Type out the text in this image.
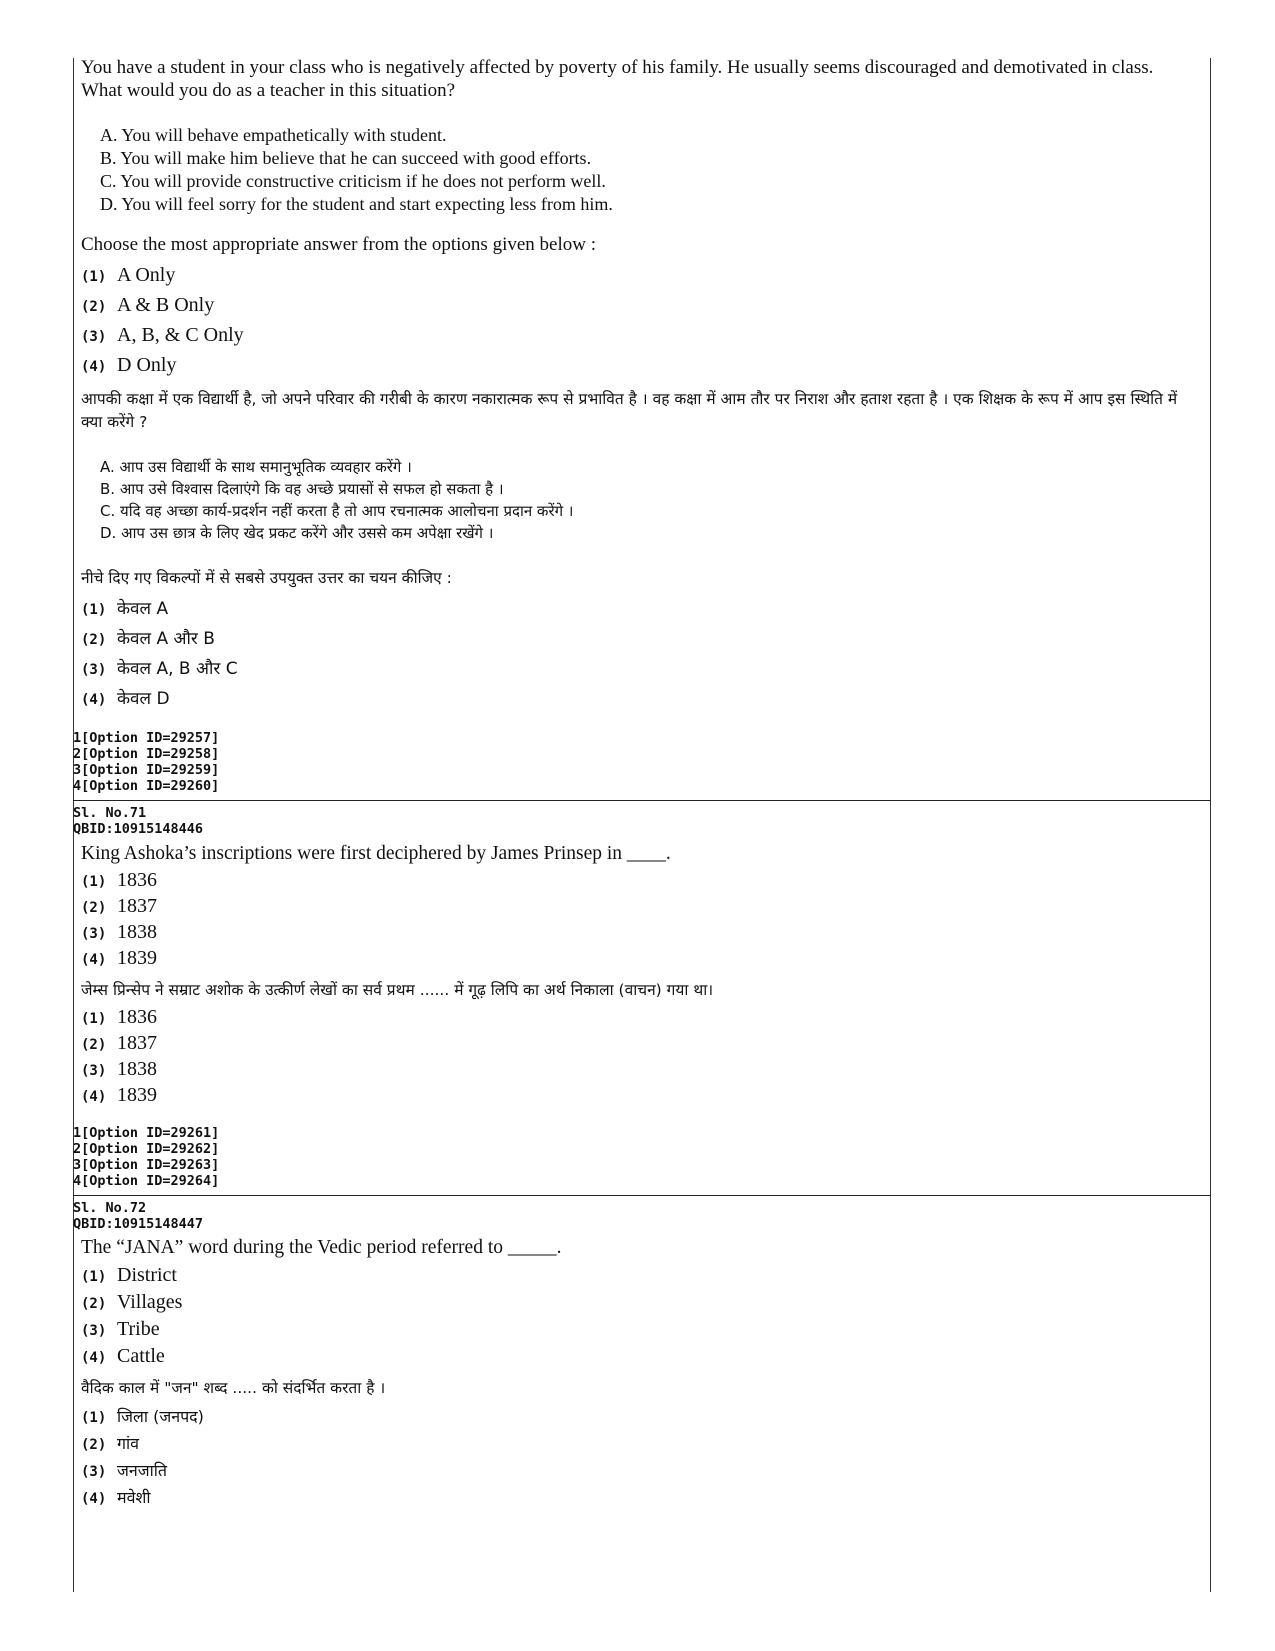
You have a student in your class who is negatively affected by poverty of his family. He usually seems discouraged and demotivated in class. What would you do as a teacher in this situation?
A. You will behave empathetically with student.
B. You will make him believe that he can succeed with good efforts.
C. You will provide constructive criticism if he does not perform well.
D. You will feel sorry for the student and start expecting less from him.
Choose the most appropriate answer from the options given below :
(1) A Only
(2) A & B Only
(3) A, B, & C Only
(4) D Only
आपकी कक्षा में एक विद्यार्थी है, जो अपने परिवार की गरीबी के कारण नकारात्मक रूप से प्रभावित है । वह कक्षा में आम तौर पर निराश और हताश रहता है । एक शिक्षक के रूप में आप इस स्थिति में क्या करेंगे ?
A. आप उस विद्यार्थी के साथ समानुभूतिक व्यवहार करेंगे ।
B. आप उसे विश्वास दिलाएंगे कि वह अच्छे प्रयासों से सफल हो सकता है ।
C. यदि वह अच्छा कार्य-प्रदर्शन नहीं करता है तो आप रचनात्मक आलोचना प्रदान करेंगे ।
D. आप उस छात्र के लिए खेद प्रकट करेंगे और उससे कम अपेक्षा रखेंगे ।
नीचे दिए गए विकल्पों में से सबसे उपयुक्त उत्तर का चयन कीजिए :
(1) केवल A
(2) केवल A और B
(3) केवल A, B और C
(4) केवल D
1[Option ID=29257]
2[Option ID=29258]
3[Option ID=29259]
4[Option ID=29260]
Sl. No.71
QBID:10915148446
King Ashoka’s inscriptions were first deciphered by James Prinsep in ____.
(1) 1836
(2) 1837
(3) 1838
(4) 1839
जेम्स प्रिन्सेप ने सम्राट अशोक के उत्कीर्ण लेखों का सर्व प्रथम ...... में गूढ़ लिपि का अर्थ निकाला (वाचन) गया था।
(1) 1836
(2) 1837
(3) 1838
(4) 1839
1[Option ID=29261]
2[Option ID=29262]
3[Option ID=29263]
4[Option ID=29264]
Sl. No.72
QBID:10915148447
The “JANA” word during the Vedic period referred to _____.
(1) District
(2) Villages
(3) Tribe
(4) Cattle
वैदिक काल में "जन" शब्द ..... को संदर्भित करता है ।
(1) जिला (जनपद)
(2) गांव
(3) जनजाति
(4) मवेशी
